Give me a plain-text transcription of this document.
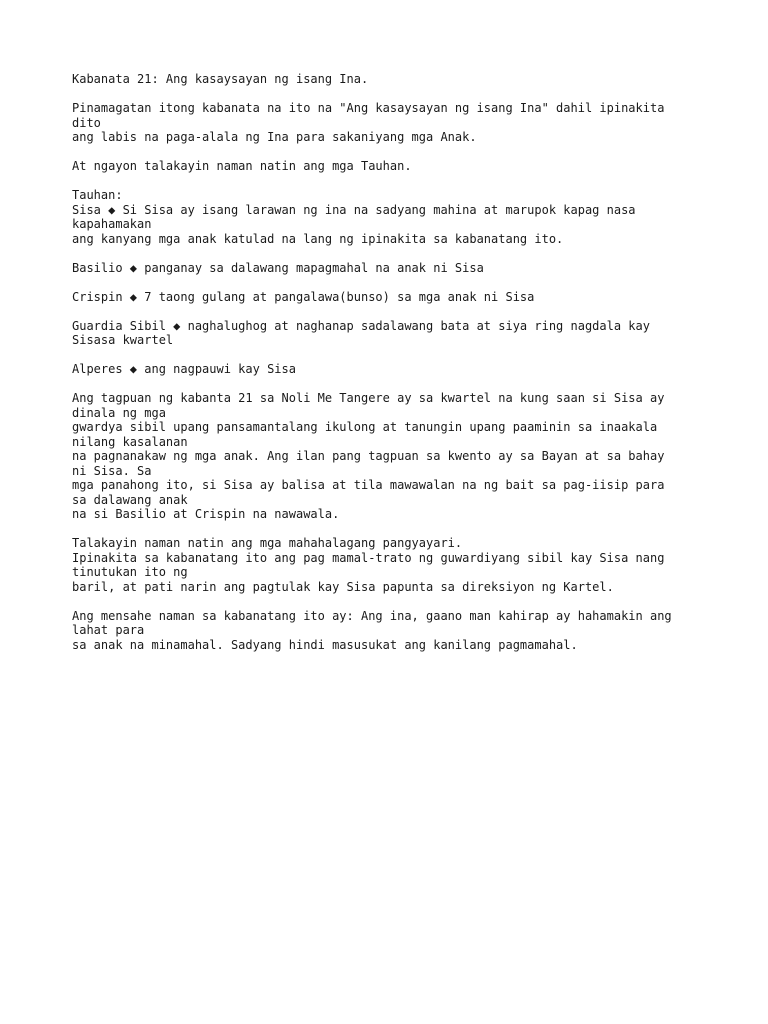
Kabanata 21: Ang kasaysayan ng isang Ina.
Pinamagatan itong kabanata na ito na "Ang kasaysayan ng isang Ina" dahil ipinakita
dito
ang labis na paga-alala ng Ina para sakaniyang mga Anak.
At ngayon talakayin naman natin ang mga Tauhan.
Tauhan:
Sisa ◆ Si Sisa ay isang larawan ng ina na sadyang mahina at marupok kapag nasa
kapahamakan
ang kanyang mga anak katulad na lang ng ipinakita sa kabanatang ito.
Basilio ◆ panganay sa dalawang mapagmahal na anak ni Sisa
Crispin ◆ 7 taong gulang at pangalawa(bunso) sa mga anak ni Sisa
Guardia Sibil ◆ naghalughog at naghanap sadalawang bata at siya ring nagdala kay
Sisasa kwartel
Alperes ◆ ang nagpauwi kay Sisa
Ang tagpuan ng kabanta 21 sa Noli Me Tangere ay sa kwartel na kung saan si Sisa ay
dinala ng mga
gwardya sibil upang pansamantalang ikulong at tanungin upang paaminin sa inaakala
nilang kasalanan
na pagnanakaw ng mga anak. Ang ilan pang tagpuan sa kwento ay sa Bayan at sa bahay
ni Sisa. Sa
mga panahong ito, si Sisa ay balisa at tila mawawalan na ng bait sa pag-iisip para
sa dalawang anak
na si Basilio at Crispin na nawawala.
Talakayin naman natin ang mga mahahalagang pangyayari.
Ipinakita sa kabanatang ito ang pag mamal-trato ng guwardiyang sibil kay Sisa nang
tinutukan ito ng
baril, at pati narin ang pagtulak kay Sisa papunta sa direksiyon ng Kartel.
Ang mensahe naman sa kabanatang ito ay: Ang ina, gaano man kahirap ay hahamakin ang
lahat para
sa anak na minamahal. Sadyang hindi masusukat ang kanilang pagmamahal.
